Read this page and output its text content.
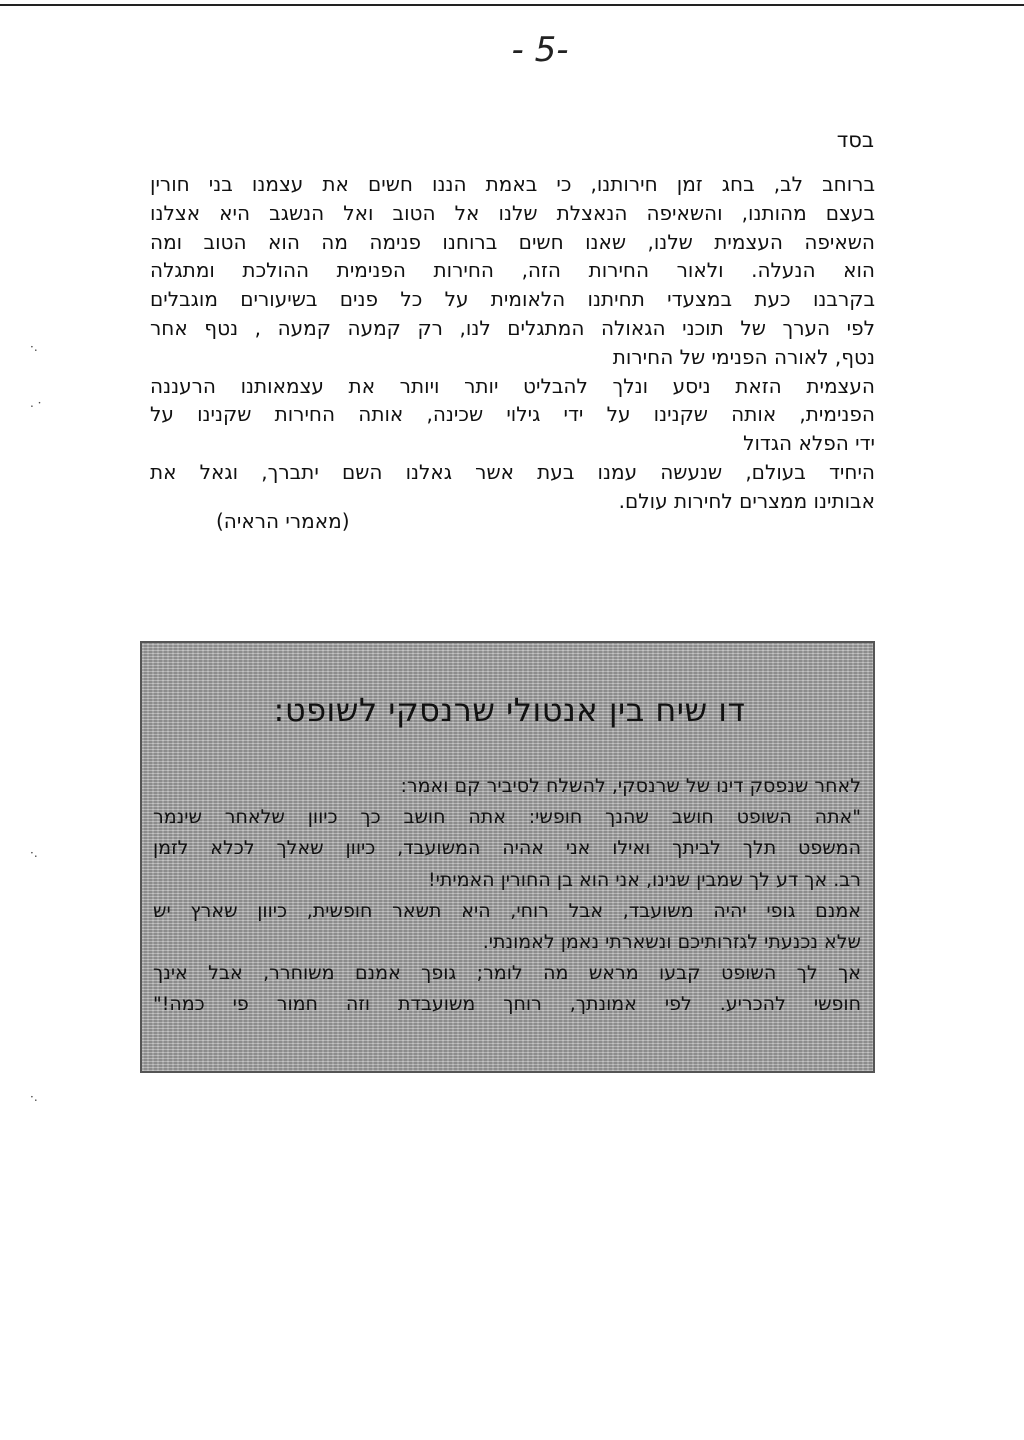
- 5-
בסד
ברוחב לב, בחג זמן חירותנו, כי באמת הננו חשים את עצמנו בני חורין
בעצם מהותנו, והשאיפה הנאצלת שלנו אל הטוב ואל הנשגב היא אצלנו
השאיפה העצמית שלנו, שאנו חשים ברוחנו פנימה מה הוא הטוב ומה
הוא הנעלה. ולאור החירות הזה, החירות הפנימית ההולכת ומתגלה
בקרבנו כעת במצעדי תחיתנו הלאומית על כל פנים בשיעורים מוגבלים
לפי הערך של תוכני הגאולה המתגלים לנו, רק קמעה קמעה , נטף אחר
נטף, לאורה הפנימי של החירות
העצמית הזאת ניסע ונלך להבליט יותר ויותר את עצמאותנו הרעננה
הפנימית, אותה שקנינו על ידי גילוי שכינה, אותה החירות שקנינו על
ידי הפלא הגדול
היחיד בעולם, שנעשה עמנו בעת אשר גאלנו השם יתברך, וגאל את
אבותינו ממצרים לחירות עולם.
(מאמרי הראיה)
·.
. ·
·.
·.
דו שיח בין אנטולי שרנסקי לשופט:
לאחר שנפסק דינו של שרנסקי, להשלח לסיביר קם ואמר:
"אתה השופט חושב שהנך חופשי: אתה חושב כך כיוון שלאחר שינמר
המשפט תלך לביתך ואילו אני אהיה המשועבד, כיוון שאלך לכלא לזמן
רב. אך דע לך שמבין שנינו, אני הוא בן החורין האמיתי!
אמנם גופי יהיה משועבד, אבל רוחי, היא תשאר חופשית, כיוון שארץ יש
שלא נכנעתי לגזרותיכם ונשארתי נאמן לאמונתי.
אך לך השופט קבעו מראש מה לומר; גופך אמנם משוחרר, אבל אינך
חופשי להכריע. לפי אמונתך, רוחך משועבדת וזה חמור פי כמה!"
